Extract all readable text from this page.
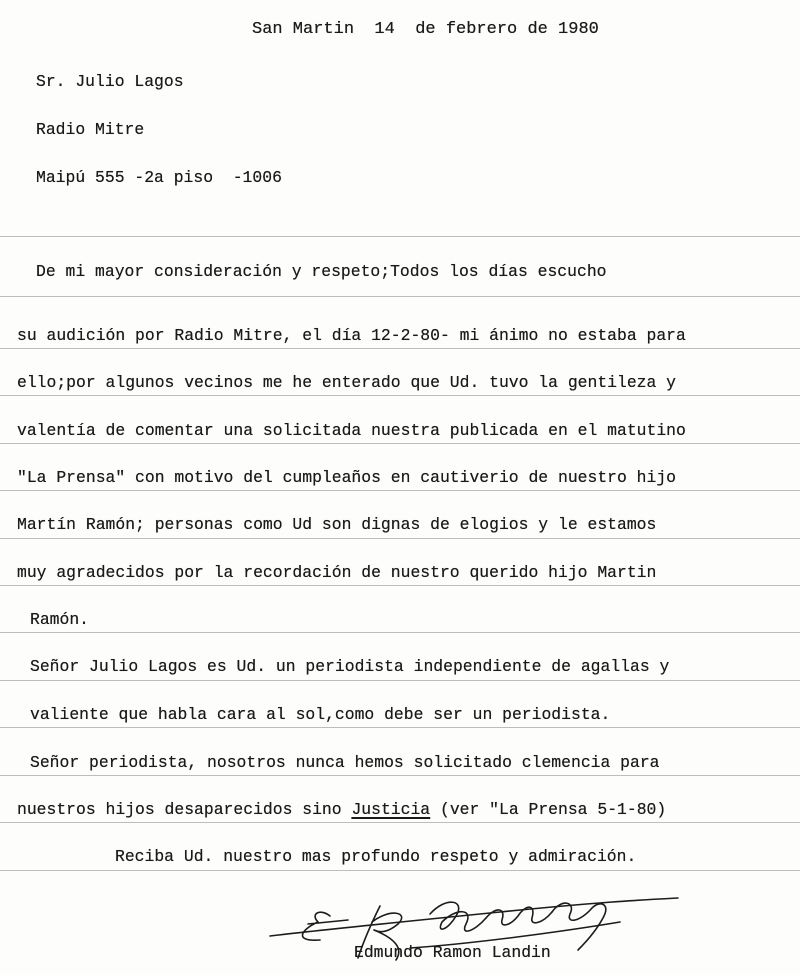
San Martin  14  de febrero de 1980
Sr. Julio Lagos
Radio Mitre
Maipú 555 -2a piso  -1006
De mi mayor consideración y respeto;Todos los días escucho
su audición por Radio Mitre, el día 12-2-80- mi ánimo no estaba para
ello;por algunos vecinos me he enterado que Ud. tuvo la gentileza y
valentía de comentar una solicitada nuestra publicada en el matutino
"La Prensa" con motivo del cumpleaños en cautiverio de nuestro hijo
Martín Ramón; personas como Ud son dignas de elogios y le estamos
muy agradecidos por la recordación de nuestro querido hijo Martin
Ramón.
Señor Julio Lagos es Ud. un periodista independiente de agallas y
valiente que habla cara al sol,como debe ser un periodista.
Señor periodista, nosotros nunca hemos solicitado clemencia para
nuestros hijos desaparecidos sino Justicia (ver "La Prensa 5-1-80)
Reciba Ud. nuestro mas profundo respeto y admiración.
Edmundo Ramon Landin
